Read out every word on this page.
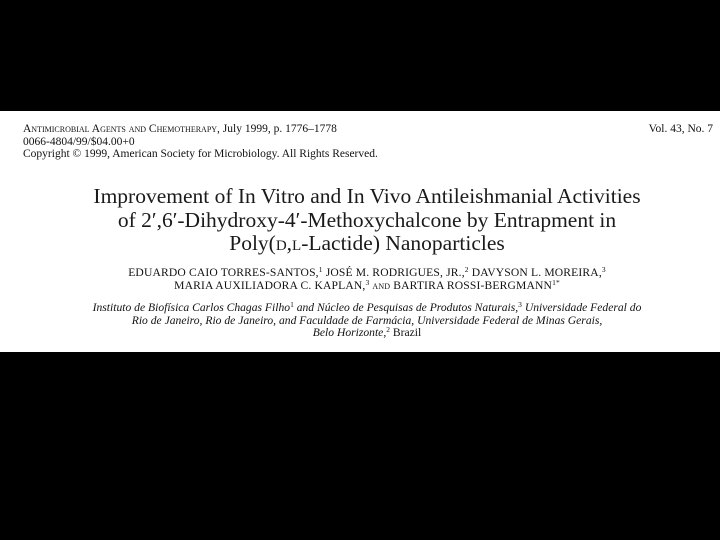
Antimicrobial Agents and Chemotherapy, July 1999, p. 1776–1778	Vol. 43, No. 7
0066-4804/99/$04.00+0
Copyright © 1999, American Society for Microbiology. All Rights Reserved.
Improvement of In Vitro and In Vivo Antileishmanial Activities
of 2′,6′-Dihydroxy-4′-Methoxychalcone by Entrapment in
Poly(d,l-Lactide) Nanoparticles
EDUARDO CAIO TORRES-SANTOS,$^1$ JOSÉ M. RODRIGUES, JR.,$^2$ DAVYSON L. MOREIRA,$^3$
MARIA AUXILIADORA C. KAPLAN,$^3$ and BARTIRA ROSSI-$BERGMANN^{1*}$
Instituto de Biofísica Carlos Chagas Filho$^1$ and Núcleo de Pesquisas de Produtos Naturais,$^3$ Universidade Federal do
Rio de Janeiro, Rio de Janeiro, and Faculdade de Farmácia, Universidade Federal de Minas Gerais,
Belo Horizonte,$^2$ Brazil
